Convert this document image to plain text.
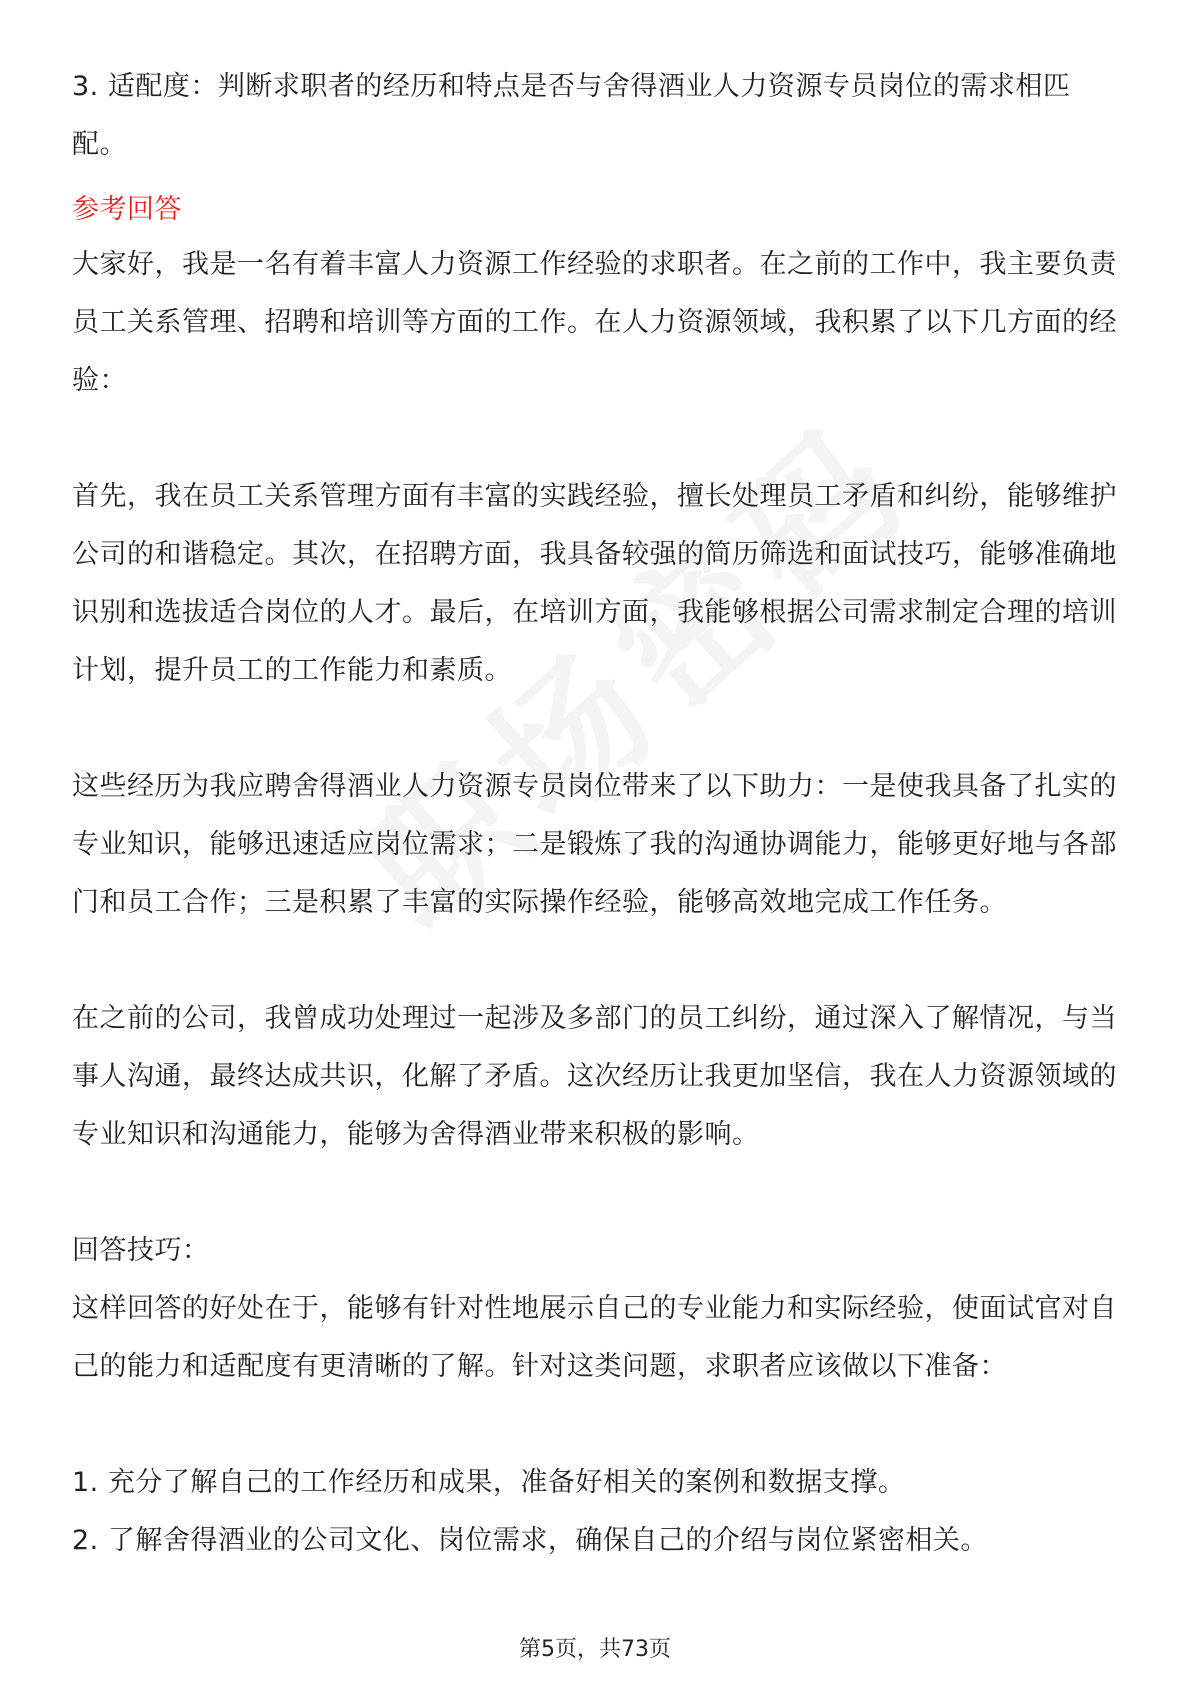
3. 适配度：判断求职者的经历和特点是否与舍得酒业人力资源专员岗位的需求相匹配。

参考回答

大家好，我是一名有着丰富人力资源工作经验的求职者。在之前的工作中，我主要负责员工关系管理、招聘和培训等方面的工作。在人力资源领域，我积累了以下几方面的经验：

首先，我在员工关系管理方面有丰富的实践经验，擅长处理员工矛盾和纠纷，能够维护公司的和谐稳定。其次，在招聘方面，我具备较强的简历筛选和面试技巧，能够准确地识别和选拔适合岗位的人才。最后，在培训方面，我能够根据公司需求制定合理的培训计划，提升员工的工作能力和素质。

这些经历为我应聘舍得酒业人力资源专员岗位带来了以下助力：一是使我具备了扎实的专业知识，能够迅速适应岗位需求；二是锻炼了我的沟通协调能力，能够更好地与各部门和员工合作；三是积累了丰富的实际操作经验，能够高效地完成工作任务。

在之前的公司，我曾成功处理过一起涉及多部门的员工纠纷，通过深入了解情况，与当事人沟通，最终达成共识，化解了矛盾。这次经历让我更加坚信，我在人力资源领域的专业知识和沟通能力，能够为舍得酒业带来积极的影响。

回答技巧：

这样回答的好处在于，能够有针对性地展示自己的专业能力和实际经验，使面试官对自己的能力和适配度有更清晰的了解。针对这类问题，求职者应该做以下准备：

1. 充分了解自己的工作经历和成果，准备好相关的案例和数据支撑。

2. 了解舍得酒业的公司文化、岗位需求，确保自己的介绍与岗位紧密相关。

第5页，共73页
